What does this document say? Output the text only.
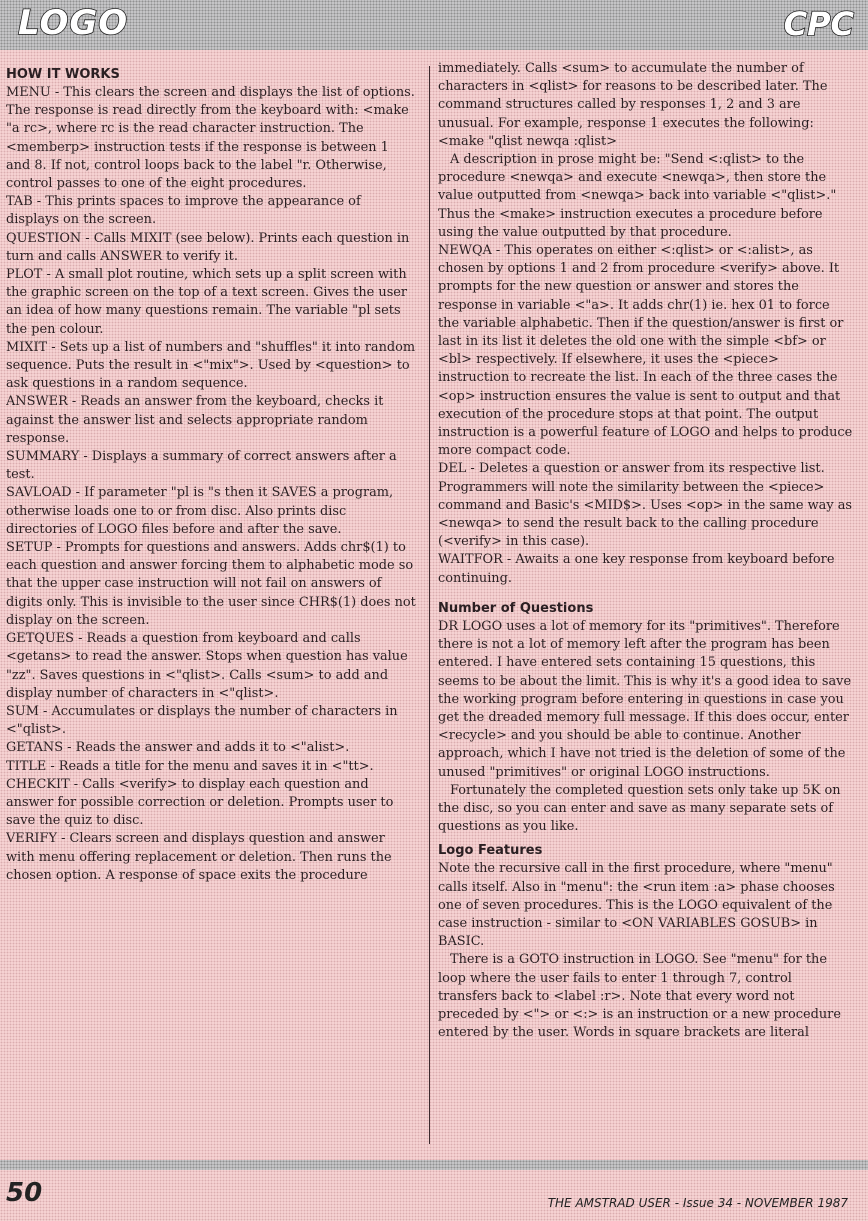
LOGO	CPC
HOW IT WORKS

MENU - This clears the screen and displays the list of options. The response is read directly from the keyboard with: <make "a rc>, where rc is the read character instruction. The <memberp> instruction tests if the response is between 1 and 8. If not, control loops back to the label "r. Otherwise, control passes to one of the eight procedures.

TAB - This prints spaces to improve the appearance of displays on the screen.

QUESTION - Calls MIXIT (see below). Prints each question in turn and calls ANSWER to verify it.

PLOT - A small plot routine, which sets up a split screen with the graphic screen on the top of a text screen. Gives the user an idea of how many questions remain. The variable "pl sets the pen colour.

MIXIT - Sets up a list of numbers and "shuffles" it into random sequence. Puts the result in <"mix">. Used by <question> to ask questions in a random sequence.

ANSWER - Reads an answer from the keyboard, checks it against the answer list and selects appropriate random response.

SUMMARY - Displays a summary of correct answers after a test.

SAVLOAD - If parameter "pl is "s then it SAVES a program, otherwise loads one to or from disc. Also prints disc directories of LOGO files before and after the save.

SETUP - Prompts for questions and answers. Adds chr$(1) to each question and answer forcing them to alphabetic mode so that the upper case instruction will not fail on answers of digits only. This is invisible to the user since CHR$(1) does not display on the screen.

GETQUES - Reads a question from keyboard and calls <getans> to read the answer. Stops when question has value "zz". Saves questions in <"qlist>. Calls <sum> to add and display number of characters in <"qlist>.

SUM - Accumulates or displays the number of characters in <"qlist>.

GETANS - Reads the answer and adds it to <"alist>.

TITLE - Reads a title for the menu and saves it in <"tt>.

CHECKIT - Calls <verify> to display each question and answer for possible correction or deletion. Prompts user to save the quiz to disc.

VERIFY - Clears screen and displays question and answer with menu offering replacement or deletion. Then runs the chosen option. A response of space exits the procedure

immediately. Calls <sum> to accumulate the number of characters in <qlist> for reasons to be described later. The command structures called by responses 1, 2 and 3 are unusual. For example, response 1 executes the following: <make "qlist newqa :qlist>

A description in prose might be: "Send <:qlist> to the procedure <newqa> and execute <newqa>, then store the value outputted from <newqa> back into variable <"qlist>." Thus the <make> instruction executes a procedure before using the value outputted by that procedure.

NEWQA - This operates on either <:qlist> or <:alist>, as chosen by options 1 and 2 from procedure <verify> above. It prompts for the new question or answer and stores the response in variable <"a>. It adds chr(1) ie. hex 01 to force the variable alphabetic. Then if the question/answer is first or last in its list it deletes the old one with the simple <bf> or <bl> respectively. If elsewhere, it uses the <piece> instruction to recreate the list. In each of the three cases the <op> instruction ensures the value is sent to output and that execution of the procedure stops at that point. The output instruction is a powerful feature of LOGO and helps to produce more compact code.

DEL - Deletes a question or answer from its respective list. Programmers will note the similarity between the <piece> command and Basic's <MID$>. Uses <op> in the same way as <newqa> to send the result back to the calling procedure (<verify> in this case).

WAITFOR - Awaits a one key response from keyboard before continuing.

Number of Questions

DR LOGO uses a lot of memory for its "primitives". Therefore there is not a lot of memory left after the program has been entered. I have entered sets containing 15 questions, this seems to be about the limit. This is why it's a good idea to save the working program before entering in questions in case you get the dreaded memory full message. If this does occur, enter <recycle> and you should be able to continue. Another approach, which I have not tried is the deletion of some of the unused "primitives" or original LOGO instructions.

Fortunately the completed question sets only take up 5K on the disc, so you can enter and save as many separate sets of questions as you like.

Logo Features

Note the recursive call in the first procedure, where "menu" calls itself. Also in "menu": the <run item :a> phase chooses one of seven procedures. This is the LOGO equivalent of the case instruction - similar to <ON VARIABLES GOSUB> in BASIC.

There is a GOTO instruction in LOGO. See "menu" for the loop where the user fails to enter 1 through 7, control transfers back to <label :r>. Note that every word not preceded by <"> or <:> is an instruction or a new procedure entered by the user. Words in square brackets are literal

50	THE AMSTRAD USER - Issue 34 - NOVEMBER 1987
